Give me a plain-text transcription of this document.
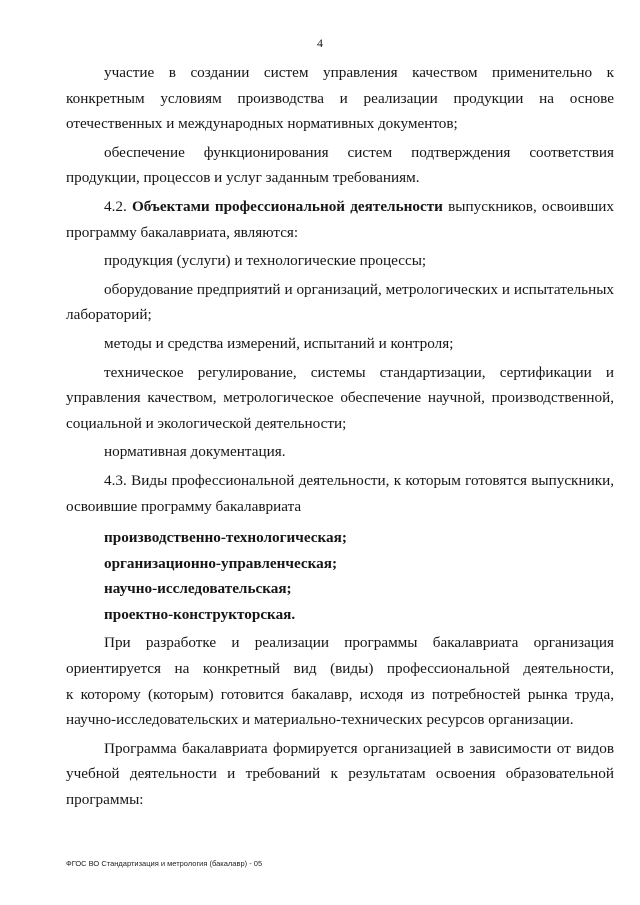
4
участие в создании систем управления качеством применительно к
конкретным условиям производства и реализации продукции на основе
отечественных и международных нормативных документов;
обеспечение функционирования систем подтверждения соответствия
продукции, процессов и услуг заданным требованиям.
4.2. Объектами профессиональной деятельности выпускников, освоивших
программу бакалавриата, являются:
продукция (услуги) и технологические процессы;
оборудование предприятий и организаций, метрологических и испытательных
лабораторий;
методы и средства измерений, испытаний и контроля;
техническое регулирование, системы стандартизации, сертификации и
управления качеством, метрологическое обеспечение научной, производственной,
социальной и экологической деятельности;
нормативная документация.
4.3. Виды профессиональной деятельности, к которым готовятся выпускники,
освоившие программу бакалавриата
производственно-технологическая;
организационно-управленческая;
научно-исследовательская;
проектно-конструкторская.
При разработке и реализации программы бакалавриата организация
ориентируется на конкретный вид (виды) профессиональной деятельности,
к которому (которым) готовится бакалавр, исходя из потребностей рынка труда,
научно-исследовательских и материально-технических ресурсов организации.
Программа бакалавриата формируется организацией в зависимости от видов
учебной деятельности и требований к результатам освоения образовательной
программы:
ФГОС ВО Стандартизация и метрология (бакалавр) - 05
